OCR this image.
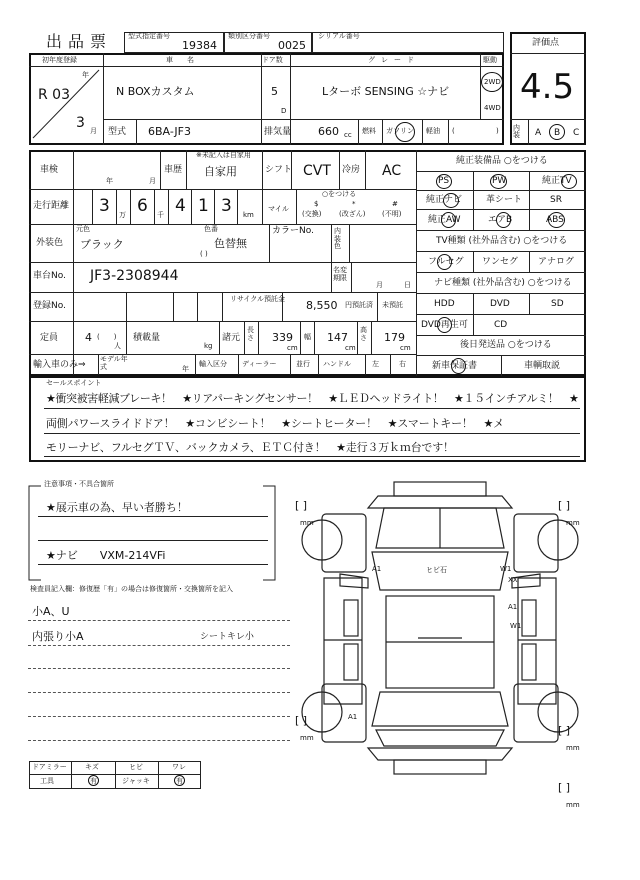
出品票 型式指定番号
19384
類別区分番号
0025
シリアル番号
初年度登録	車名	ドア数	グレード	駆動
年
R 03
3 月
N BOXカスタム	5
D
Lターボ SENSING ☆ナビ
2WD
4WD
型式 6BA-JF3	排気量 660 cc 燃料 ガソリン 軽油 (	)
評価点
4.5
内装	A B C
車検
年	月
車歴
※未記入は自家用
自家用	シフト CVT 冷房 AC
走行距離 3 万 6 千 4 1 3 km
マイル
○をつける
$
(交換)
*
(改ざん)
#
(不明)
元色	色番
外装色 ブラック	色替無
( )
カラーNo.	内装色
車台No. JF3-2308944	名変期限
月	日
登録No.
リサイクル預託金 8,550 円預託済 未預託
定員 4 (　　)
人
積載量
kg
諸元
長さ 339
cm
幅 147
cm
高さ 179
cm
輸入車のみ⇒
モデル年式	年
輸入区分 ディーラー	並行 ハンドル	左	右
純正装備品 ○をつける
PS	PW	純正TV
純正ナビ	革シート	SR
純正AW	エアB	ABS
TV種類 (社外品含む) ○をつける
フルセグ ワンセグ アナログ
ナビ種類 (社外品含む) ○をつける
HDD	DVD	SD
DVD再生可	CD
後日発送品 ○をつける
新車保証書	車輌取説
セールスポイント
★衝突被害軽減ブレーキ！　★リアパーキングセンサー！　★ＬＥＤヘッドライト！　★１５インチアルミ！　★
両側パワースライドドア！　★コンビシート！　★シートヒーター！　★スマートキー！　★メ
モリーナビ、フルセグＴＶ、バックカメラ、ＥＴＣ付き！　★走行３万ｋｍ台です！
注意事項・不具合箇所
★展示車の為、早い者勝ち！
★ナビ　　VXM-214VFi
検査員記入欄：修復歴「有」の場合は修復箇所・交換箇所を記入
小A、U
内張り小A	シートキレ小
ドアミラー	キズ	ヒビ	ワレ
工具	有	ジャッキ	有
ヒビ石
A1	W1
XX
A1
W1
A1
[ ]
mm
[ ]
mm
[ ]
mm
[ ]
mm
[ ]
mm
